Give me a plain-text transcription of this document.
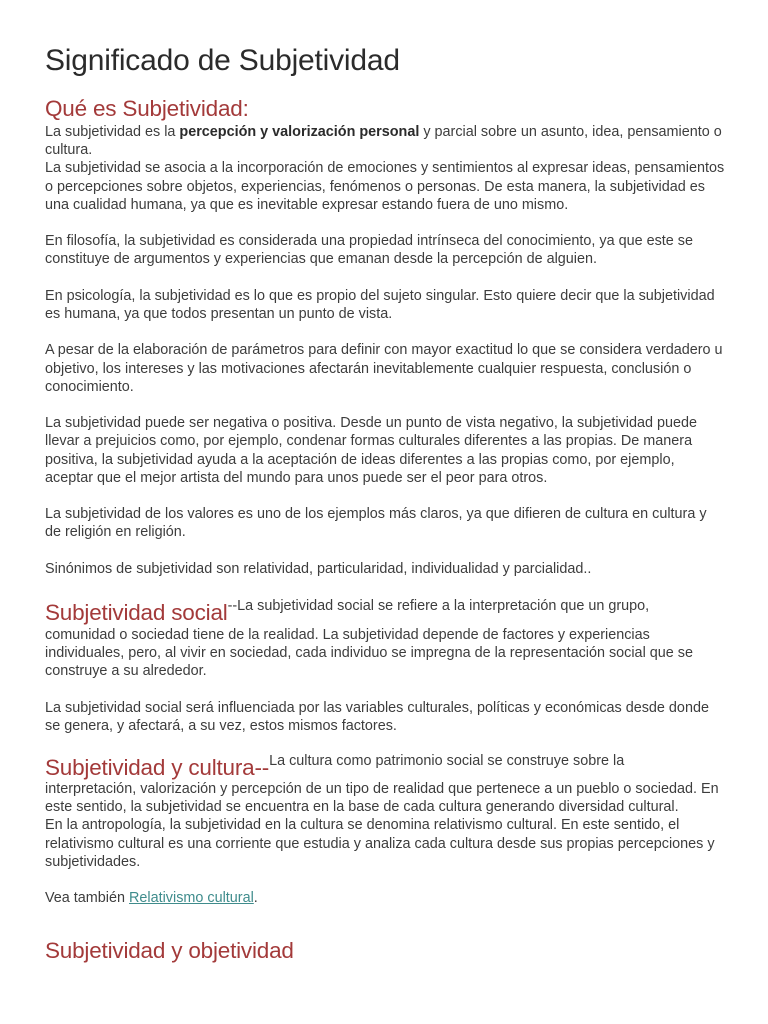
Significado de Subjetividad
Qué es Subjetividad:

La subjetividad es la percepción y valorización personal y parcial sobre un asunto, idea, pensamiento o cultura.

La subjetividad se asocia a la incorporación de emociones y sentimientos al expresar ideas, pensamientos o percepciones sobre objetos, experiencias, fenómenos o personas. De esta manera, la subjetividad es una cualidad humana, ya que es inevitable expresar estando fuera de uno mismo.

En filosofía, la subjetividad es considerada una propiedad intrínseca del conocimiento, ya que este se constituye de argumentos y experiencias que emanan desde la percepción de alguien.

En psicología, la subjetividad es lo que es propio del sujeto singular. Esto quiere decir que la subjetividad es humana, ya que todos presentan un punto de vista.

A pesar de la elaboración de parámetros para definir con mayor exactitud lo que se considera verdadero u objetivo, los intereses y las motivaciones afectarán inevitablemente cualquier respuesta, conclusión o conocimiento.

La subjetividad puede ser negativa o positiva. Desde un punto de vista negativo, la subjetividad puede llevar a prejuicios como, por ejemplo, condenar formas culturales diferentes a las propias. De manera positiva, la subjetividad ayuda a la aceptación de ideas diferentes a las propias como, por ejemplo, aceptar que el mejor artista del mundo para unos puede ser el peor para otros.

La subjetividad de los valores es uno de los ejemplos más claros, ya que difieren de cultura en cultura y de religión en religión.

Sinónimos de subjetividad son relatividad, particularidad, individualidad y parcialidad..

Subjetividad social--La subjetividad social se refiere a la interpretación que un grupo,

comunidad o sociedad tiene de la realidad. La subjetividad depende de factores y experiencias individuales, pero, al vivir en sociedad, cada individuo se impregna de la representación social que se construye a su alrededor.

La subjetividad social será influenciada por las variables culturales, políticas y económicas desde donde se genera, y afectará, a su vez, estos mismos factores.

Subjetividad y cultura--La cultura como patrimonio social se construye sobre la

interpretación, valorización y percepción de un tipo de realidad que pertenece a un pueblo o sociedad. En este sentido, la subjetividad se encuentra en la base de cada cultura generando diversidad cultural.

En la antropología, la subjetividad en la cultura se denomina relativismo cultural. En este sentido, el relativismo cultural es una corriente que estudia y analiza cada cultura desde sus propias percepciones y subjetividades.

Vea también Relativismo cultural.

Subjetividad y objetividad
